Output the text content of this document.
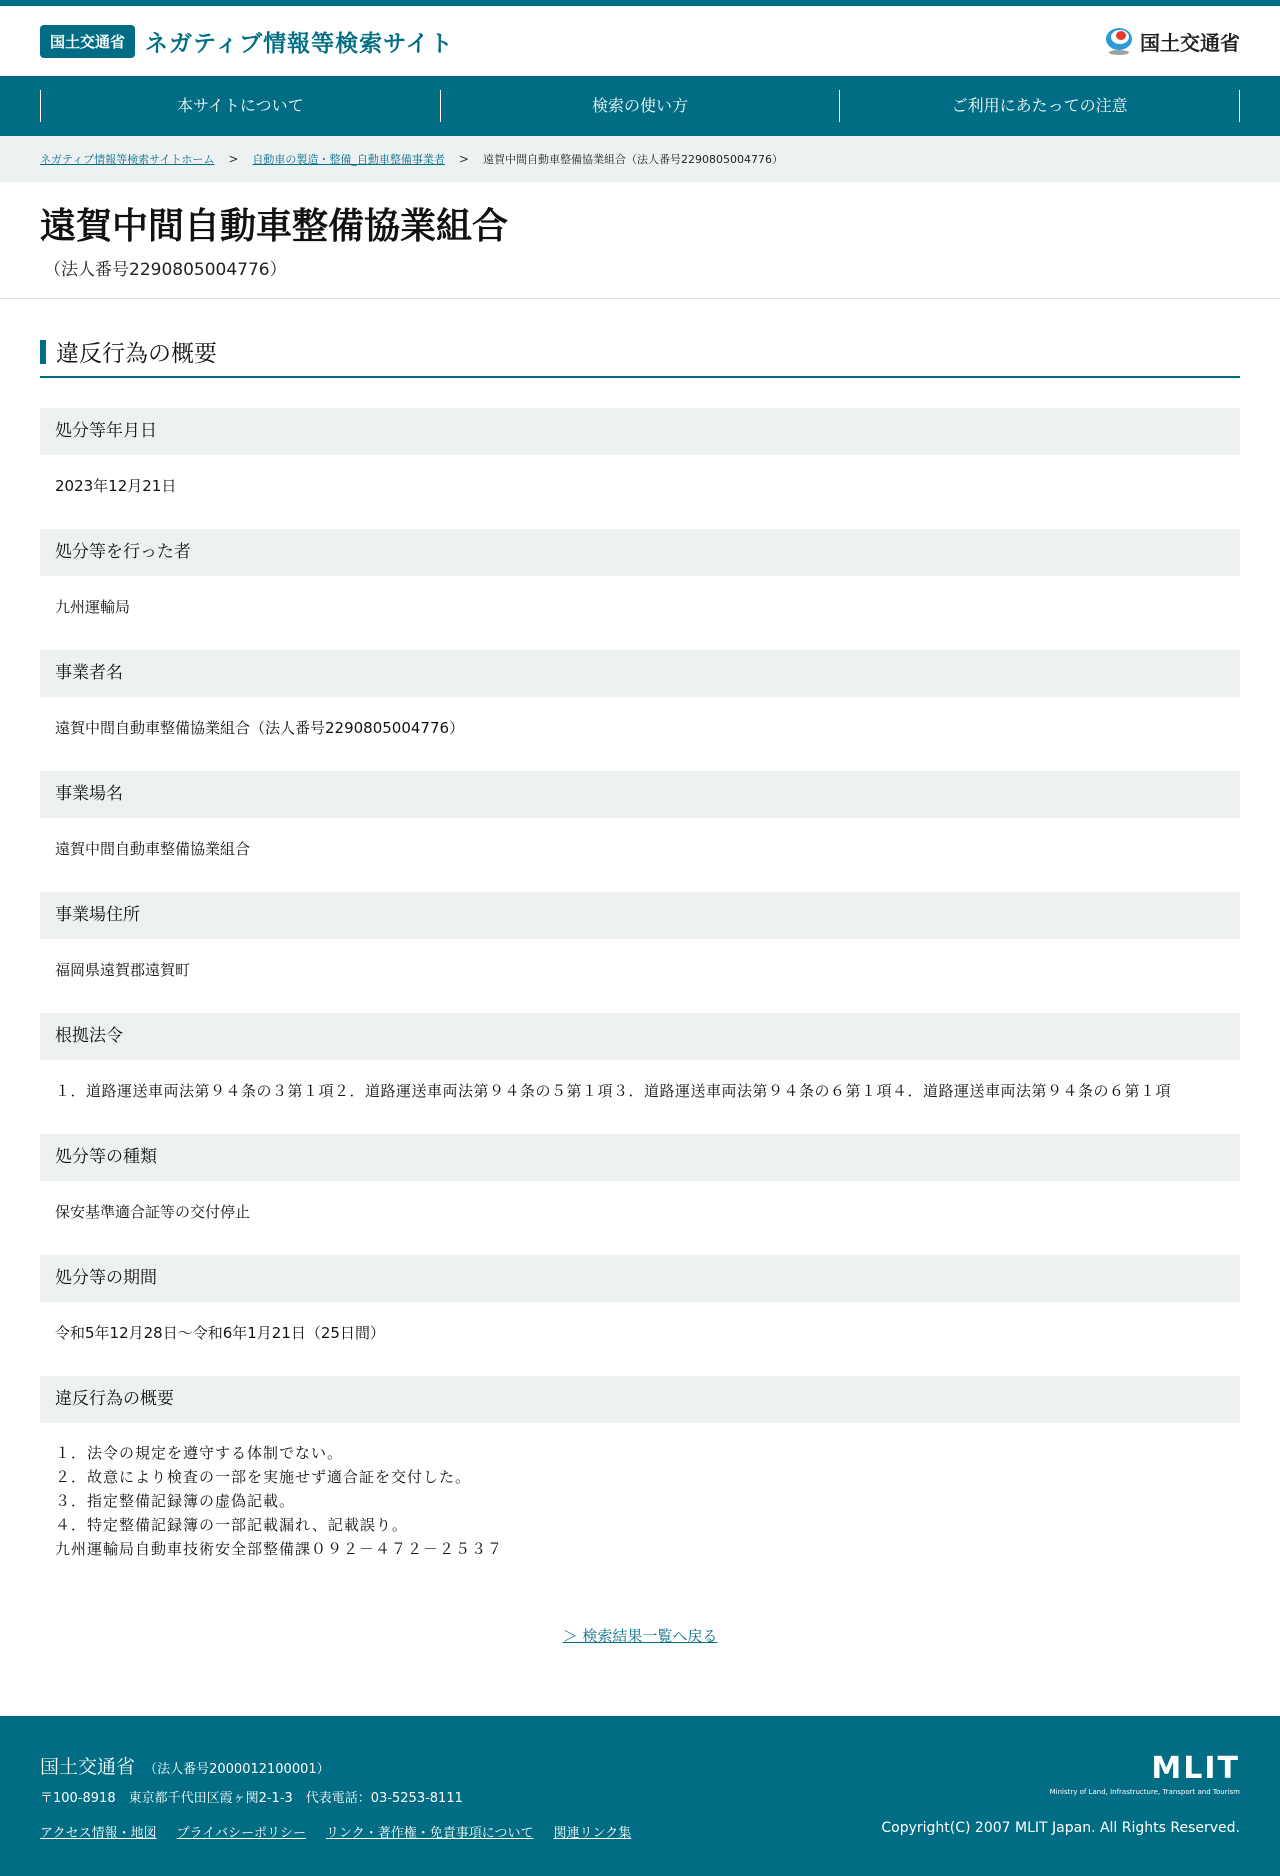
国土交通省 ネガティブ情報等検索サイト	国土交通省
本サイトについて	検索の使い方	ご利用にあたっての注意
ネガティブ情報等検索サイトホーム > 自動車の製造・整備_自動車整備事業者 > 遠賀中間自動車整備協業組合（法人番号2290805004776）
遠賀中間自動車整備協業組合
（法人番号2290805004776）
違反行為の概要
処分等年月日
2023年12月21日
処分等を行った者
九州運輸局
事業者名
遠賀中間自動車整備協業組合（法人番号2290805004776）
事業場名
遠賀中間自動車整備協業組合
事業場住所
福岡県遠賀郡遠賀町
根拠法令
１．道路運送車両法第９４条の３第１項２．道路運送車両法第９４条の５第１項３．道路運送車両法第９４条の６第１項４．道路運送車両法第９４条の６第１項
処分等の種類
保安基準適合証等の交付停止
処分等の期間
令和5年12月28日～令和6年1月21日（25日間）
違反行為の概要
１．法令の規定を遵守する体制でない。
２．故意により検査の一部を実施せず適合証を交付した。
３．指定整備記録簿の虚偽記載。
４．特定整備記録簿の一部記載漏れ、記載誤り。
九州運輸局自動車技術安全部整備課０９２－４７２－２５３７
＞ 検索結果一覧へ戻る
国土交通省 （法人番号2000012100001）
〒100-8918　東京都千代田区霞ヶ関2-1-3　代表電話：03-5253-8111
アクセス情報・地図 プライバシーポリシー リンク・著作権・免責事項について 関連リンク集
MLIT
Ministry of Land, Infrastructure, Transport and Tourism
Copyright(C) 2007 MLIT Japan. All Rights Reserved.
